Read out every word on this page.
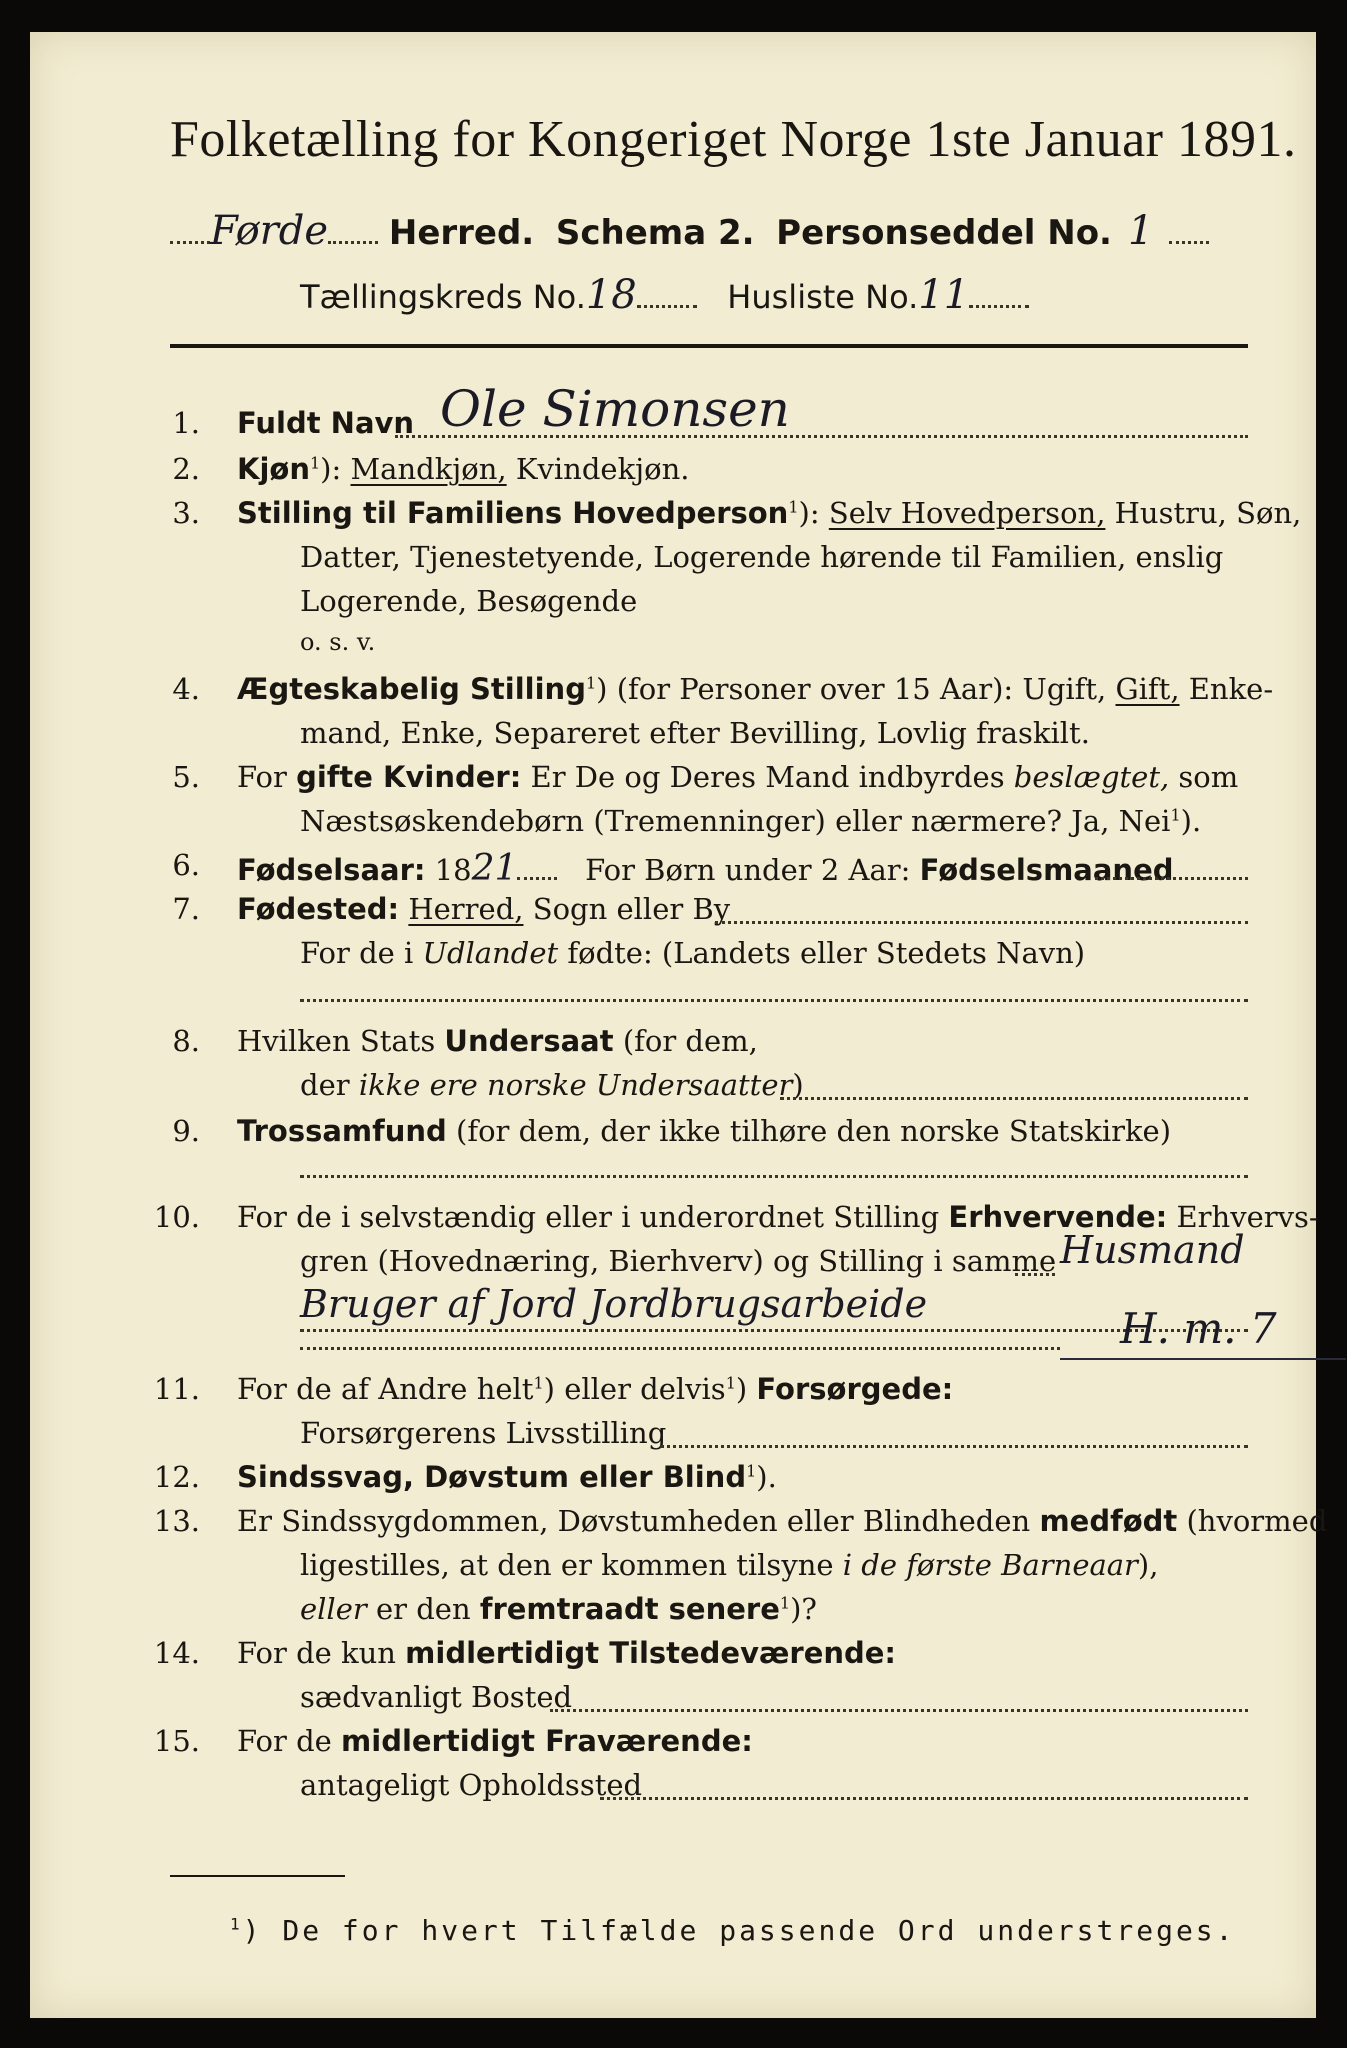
Folketælling for Kongeriget Norge 1ste Januar 1891.
Førde Herred. Schema 2. Personseddel No. 1
Tællingskreds No.18	Husliste No.11
1. Fuldt Navn Ole Simonsen
2. Kjøn$^1$): Mandkjøn, Kvindekjøn.
3. Stilling til Familiens Hovedperson$^1$): Selv Hovedperson, Hustru, Søn,
Datter, Tjenestetyende, Logerende hørende til Familien, enslig
Logerende, Besøgende
o. s. v.
4. Ægteskabelig Stilling$^1$) (for Personer over 15 Aar): Ugift, Gift, Enke-
mand, Enke, Separeret efter Bevilling, Lovlig fraskilt.
5. For gifte Kvinder: Er De og Deres Mand indbyrdes beslægtet, som
Næstsøskendebørn (Tremenninger) eller nærmere? Ja, Nei$^1$).
6. Fødselsaar: 1821 For Børn under 2 Aar: Fødselsmaaned
7. Fødested: Herred, Sogn eller By
For de i Udlandet fødte: (Landets eller Stedets Navn)
8. Hvilken Stats Undersaat (for dem,
der ikke ere norske Undersaatter)
9. Trossamfund (for dem, der ikke tilhøre den norske Statskirke)
10. For de i selvstændig eller i underordnet Stilling Erhvervende: Erhvervs-
gren (Hovednæring, Bierhverv) og Stilling i samme Husmand
Bruger af Jord Jordbrugsarbeide	H. m. 7
11. For de af Andre helt$^1$) eller delvis$^1$) Forsørgede:
Forsørgerens Livsstilling
12. Sindssvag, Døvstum eller Blind$^1$).
13. Er Sindssygdommen, Døvstumheden eller Blindheden medfødt (hvormed
ligestilles, at den er kommen tilsyne i de første Barneaar),
eller er den fremtraadt senere$^1$)?
14. For de kun midlertidigt Tilstedeværende:
sædvanligt Bosted
15. For de midlertidigt Fraværende:
antageligt Opholdssted
$^1$) De for hvert Tilfælde passende Ord understreges.
